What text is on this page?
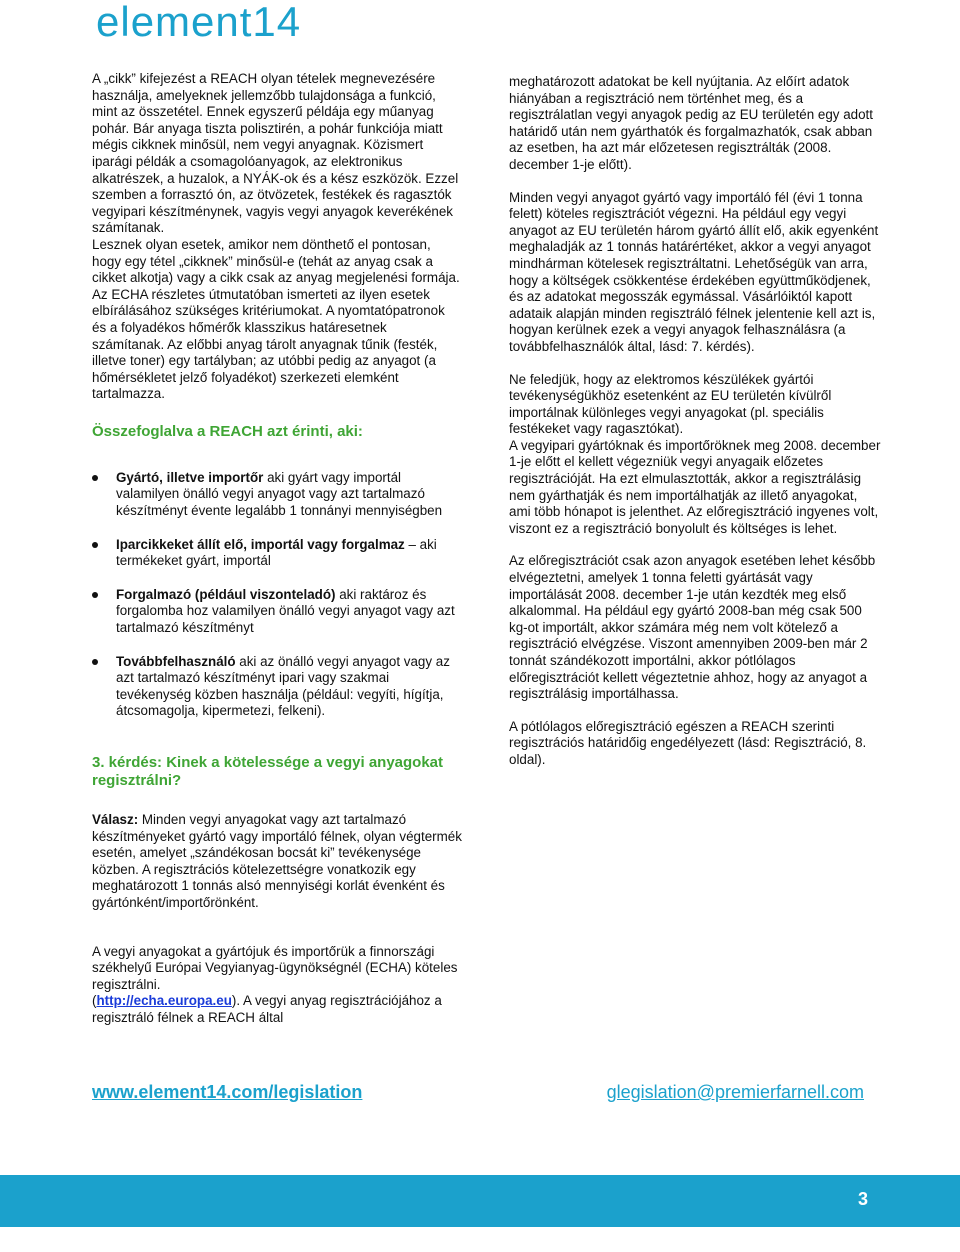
element14

A „cikk” kifejezést a REACH olyan tételek megnevezésére használja, amelyeknek jellemzőbb tulajdonsága a funkció, mint az összetétel. Ennek egyszerű példája egy műanyag pohár. Bár anyaga tiszta polisztirén, a pohár funkciója miatt mégis cikknek minősül, nem vegyi anyagnak. Közismert iparági példák a csomagolóanyagok, az elektronikus alkatrészek, a huzalok, a NYÁK-ok és a kész eszközök. Ezzel szemben a forrasztó ón, az ötvözetek, festékek és ragasztók vegyipari készítménynek, vagyis vegyi anyagok keverékének számítanak.

Lesznek olyan esetek, amikor nem dönthető el pontosan, hogy egy tétel „cikknek” minősül-e (tehát az anyag csak a cikket alkotja) vagy a cikk csak az anyag megjelenési formája. Az ECHA részletes útmutatóban ismerteti az ilyen esetek elbírálásához szükséges kritériumokat. A nyomtatópatronok és a folyadékos hőmérők klasszikus határesetnek számítanak. Az előbbi anyag tárolt anyagnak tűnik (festék, illetve toner) egy tartályban; az utóbbi pedig az anyagot (a hőmérsékletet jelző folyadékot) szerkezeti elemként tartalmazza.

Összefoglalva a REACH azt érinti, aki:

Gyártó, illetve importőr aki gyárt vagy importál valamilyen önálló vegyi anyagot vagy azt tartalmazó készítményt évente legalább 1 tonnányi mennyiségben
Iparcikkeket állít elő, importál vagy forgalmaz – aki termékeket gyárt, importál
Forgalmazó (például viszonteladó) aki raktároz és forgalomba hoz valamilyen önálló vegyi anyagot vagy azt tartalmazó készítményt
Továbbfelhasználó aki az önálló vegyi anyagot vagy az azt tartalmazó készítményt ipari vagy szakmai tevékenység közben használja (például: vegyíti, hígítja, átcsomagolja, kipermetezi, felkeni).

3. kérdés: Kinek a kötelessége a vegyi anyagokat regisztrálni?

Válasz: Minden vegyi anyagokat vagy azt tartalmazó készítményeket gyártó vagy importáló félnek, olyan végtermék esetén, amelyet „szándékosan bocsát ki” tevékenysége közben. A regisztrációs kötelezettségre vonatkozik egy meghatározott 1 tonnás alsó mennyiségi korlát évenként és gyártónként/importőrönként.

A vegyi anyagokat a gyártójuk és importőrük a finnországi székhelyű Európai Vegyianyag-ügynökségnél (ECHA) köteles regisztrálni.
(http://echa.europa.eu). A vegyi anyag regisztrációjához a regisztráló félnek a REACH által

meghatározott adatokat be kell nyújtania. Az előírt adatok hiányában a regisztráció nem történhet meg, és a regisztrálatlan vegyi anyagok pedig az EU területén egy adott határidő után nem gyárthatók és forgalmazhatók, csak abban az esetben, ha azt már előzetesen regisztrálták (2008. december 1-je előtt).

Minden vegyi anyagot gyártó vagy importáló fél (évi 1 tonna felett) köteles regisztrációt végezni. Ha például egy vegyi anyagot az EU területén három gyártó állít elő, akik egyenként meghaladják az 1 tonnás határértéket, akkor a vegyi anyagot mindhárman kötelesek regisztráltatni. Lehetőségük van arra, hogy a költségek csökkentése érdekében együttműködjenek, és az adatokat megosszák egymással. Vásárlóiktól kapott adataik alapján minden regisztráló félnek jelentenie kell azt is, hogyan kerülnek ezek a vegyi anyagok felhasználásra (a továbbfelhasználók által, lásd: 7. kérdés).

Ne feledjük, hogy az elektromos készülékek gyártói tevékenységükhöz esetenként az EU területén kívülről importálnak különleges vegyi anyagokat (pl. speciális festékeket vagy ragasztókat).

A vegyipari gyártóknak és importőröknek meg 2008. december 1-je előtt el kellett végezniük vegyi anyagaik előzetes regisztrációját. Ha ezt elmulasztották, akkor a regisztrálásig nem gyárthatják és nem importálhatják az illető anyagokat, ami több hónapot is jelenthet. Az előregisztráció ingyenes volt, viszont ez a regisztráció bonyolult és költséges is lehet.

Az előregisztrációt csak azon anyagok esetében lehet később elvégeztetni, amelyek 1 tonna feletti gyártását vagy importálását 2008. december 1-je után kezdték meg első alkalommal. Ha például egy gyártó 2008-ban még csak 500 kg-ot importált, akkor számára még nem volt kötelező a regisztráció elvégzése. Viszont amennyiben 2009-ben már 2 tonnát szándékozott importálni, akkor pótlólagos előregisztrációt kellett végeztetnie ahhoz, hogy az anyagot a regisztrálásig importálhassa.

A pótlólagos előregisztráció egészen a REACH szerinti regisztrációs határidőig engedélyezett (lásd: Regisztráció, 8. oldal).

www.element14.com/legislation	glegislation@premierfarnell.com
3
